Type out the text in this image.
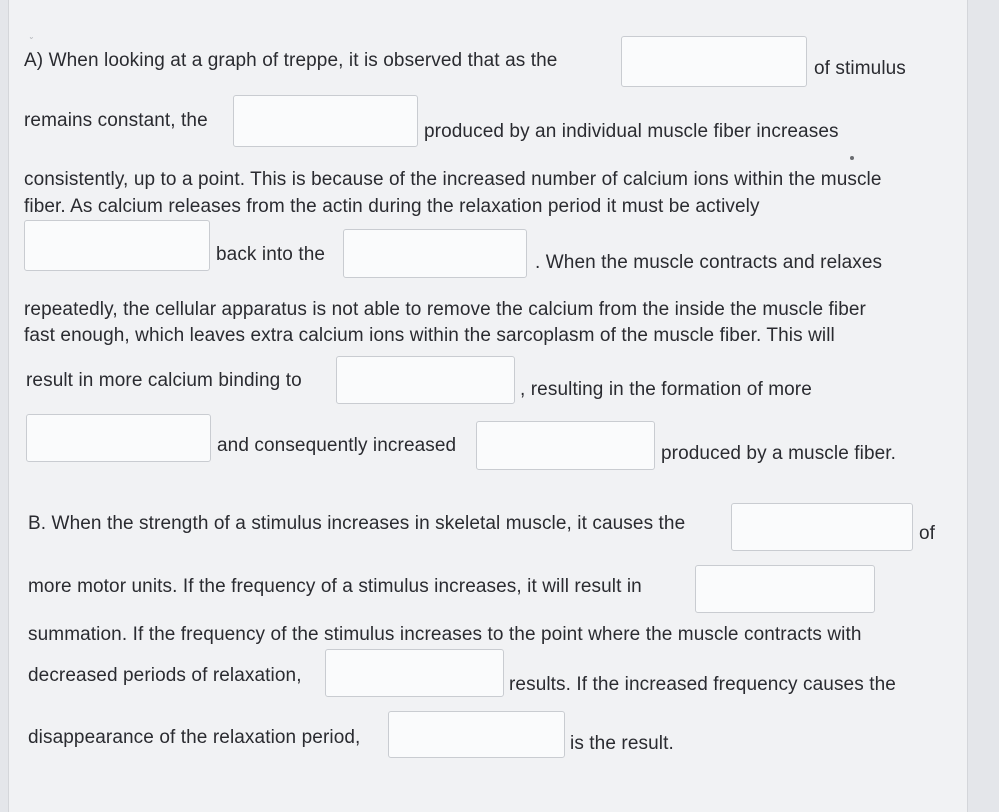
˘
A) When looking at a graph of treppe, it is observed that as the	of stimulus
remains constant, the
produced by an individual muscle fiber increases
consistently, up to a point. This is because of the increased number of calcium ions within the muscle
fiber. As calcium releases from the actin during the relaxation period it must be actively
back into the	. When the muscle contracts and relaxes
repeatedly, the cellular apparatus is not able to remove the calcium from the inside the muscle fiber
fast enough, which leaves extra calcium ions within the sarcoplasm of the muscle fiber. This will
result in more calcium binding to	, resulting in the formation of more
and consequently increased	produced by a muscle fiber.
B. When the strength of a stimulus increases in skeletal muscle, it causes the	of
more motor units. If the frequency of a stimulus increases, it will result in
summation. If the frequency of the stimulus increases to the point where the muscle contracts with
decreased periods of relaxation,	results. If the increased frequency causes the
disappearance of the relaxation period,	is the result.
